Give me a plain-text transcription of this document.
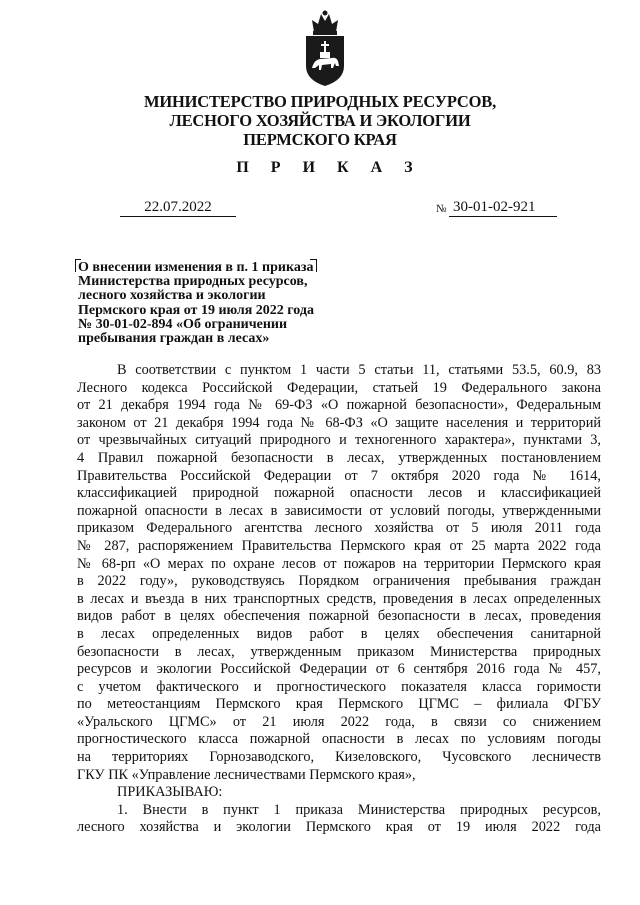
МИНИСТЕРСТВО ПРИРОДНЫХ РЕСУРСОВ,
ЛЕСНОГО ХОЗЯЙСТВА И ЭКОЛОГИИ
ПЕРМСКОГО КРАЯ
П Р И К А З
22.07.2022	№ 30-01-02-921
О внесении изменения в п. 1 приказа
Министерства природных ресурсов,
лесного хозяйства и экологии
Пермского края от 19 июля 2022 года
№ 30-01-02-894 «Об ограничении
пребывания граждан в лесах»
В соответствии с пунктом 1 части 5 статьи 11, статьями 53.5, 60.9, 83
Лесного кодекса Российской Федерации, статьей 19 Федерального закона
от 21 декабря 1994 года № 69-ФЗ «О пожарной безопасности», Федеральным
законом от 21 декабря 1994 года № 68-ФЗ «О защите населения и территорий
от чрезвычайных ситуаций природного и техногенного характера», пунктами 3,
4 Правил пожарной безопасности в лесах, утвержденных постановлением
Правительства Российской Федерации от 7 октября 2020 года № 1614,
классификацией природной пожарной опасности лесов и классификацией
пожарной опасности в лесах в зависимости от условий погоды, утвержденными
приказом Федерального агентства лесного хозяйства от 5 июля 2011 года
№ 287, распоряжением Правительства Пермского края от 25 марта 2022 года
№ 68-рп «О мерах по охране лесов от пожаров на территории Пермского края
в 2022 году», руководствуясь Порядком ограничения пребывания граждан
в лесах и въезда в них транспортных средств, проведения в лесах определенных
видов работ в целях обеспечения пожарной безопасности в лесах, проведения
в лесах определенных видов работ в целях обеспечения санитарной
безопасности в лесах, утвержденным приказом Министерства природных
ресурсов и экологии Российской Федерации от 6 сентября 2016 года № 457,
с учетом фактического и прогностического показателя класса горимости
по метеостанциям Пермского края Пермского ЦГМС – филиала ФГБУ
«Уральского ЦГМС» от 21 июля 2022 года, в связи со снижением
прогностического класса пожарной опасности в лесах по условиям погоды
на территориях Горнозаводского, Кизеловского, Чусовского лесничеств
ГКУ ПК «Управление лесничествами Пермского края»,
ПРИКАЗЫВАЮ:
1. Внести в пункт 1 приказа Министерства природных ресурсов,
лесного хозяйства и экологии Пермского края от 19 июля 2022 года
